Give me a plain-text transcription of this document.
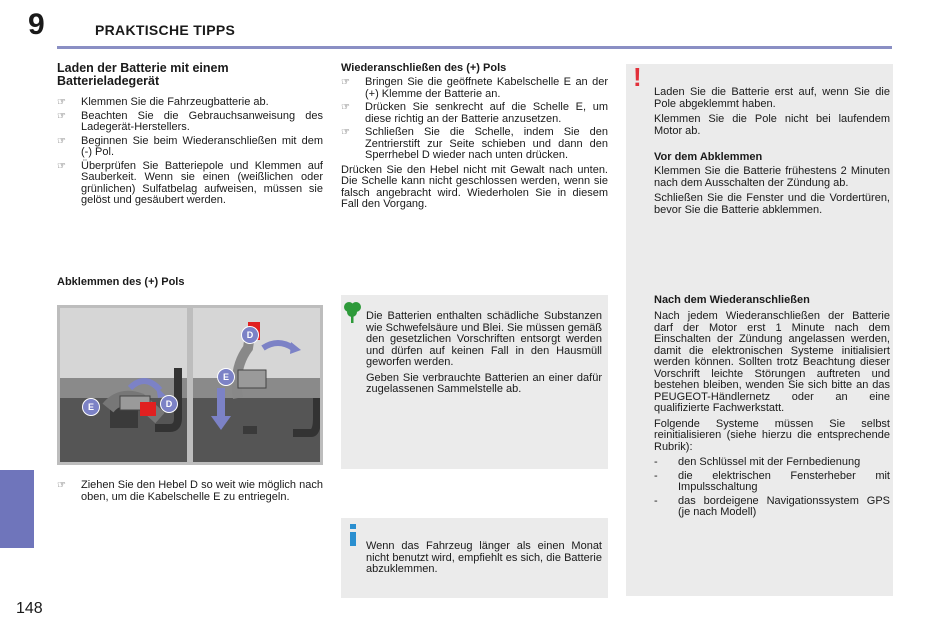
9	PRAKTISCHE TIPPS
148
Laden der Batterie mit einem Batterieladegerät
☞ Klemmen Sie die Fahrzeugbatterie ab.
☞ Beachten Sie die Gebrauchsanweisung des Ladegerät-Herstellers.
☞ Beginnen Sie beim Wiederanschließen mit dem (-) Pol.
☞ Überprüfen Sie Batteriepole und Klemmen auf Sauberkeit. Wenn sie einen (weißlichen oder grünlichen) Sulfatbelag aufweisen, müssen sie gelöst und gesäubert werden.
Abklemmen des (+) Pols
E	D
D
E
☞ Ziehen Sie den Hebel D so weit wie möglich nach oben, um die Kabelschelle E zu entriegeln.
Wiederanschließen des (+) Pols
☞ Bringen Sie die geöffnete Kabelschelle E an der (+) Klemme der Batterie an.
☞ Drücken Sie senkrecht auf die Schelle E, um diese richtig an der Batterie anzusetzen.
☞ Schließen Sie die Schelle, indem Sie den Zentrierstift zur Seite schieben und dann den Sperrhebel D wieder nach unten drücken.
Drücken Sie den Hebel nicht mit Gewalt nach unten. Die Schelle kann nicht geschlossen werden, wenn sie falsch angebracht wird. Wiederholen Sie in diesem Fall den Vorgang.

Die Batterien enthalten schädliche Substanzen wie Schwefelsäure und Blei. Sie müssen gemäß den gesetzlichen Vorschriften entsorgt werden und dürfen auf keinen Fall in den Hausmüll geworfen werden.

Geben Sie verbrauchte Batterien an einer dafür zugelassenen Sammelstelle ab.

Wenn das Fahrzeug länger als einen Monat nicht benutzt wird, empfiehlt es sich, die Batterie abzuklemmen.
! Laden Sie die Batterie erst auf, wenn Sie die Pole abgeklemmt haben.

Klemmen Sie die Pole nicht bei laufendem Motor ab.

Vor dem Abklemmen

Klemmen Sie die Batterie frühestens 2 Minuten nach dem Ausschalten der Zündung ab.

Schließen Sie die Fenster und die Vordertüren, bevor Sie die Batterie abklemmen.

Nach dem Wiederanschließen

Nach jedem Wiederanschließen der Batterie darf der Motor erst 1 Minute nach dem Einschalten der Zündung angelassen werden, damit die elektronischen Systeme initialisiert werden können. Sollten trotz Beachtung dieser Vorschrift leichte Störungen auftreten und bestehen bleiben, wenden Sie sich bitte an das PEUGEOT-Händlernetz oder an eine qualifizierte Fachwerkstatt.

Folgende Systeme müssen Sie selbst reinitialisieren (siehe hierzu die entsprechende Rubrik):

- den Schlüssel mit der Fernbedienung
- die elektrischen Fensterheber mit Impulsschaltung
- das bordeigene Navigationssystem GPS (je nach Modell)
